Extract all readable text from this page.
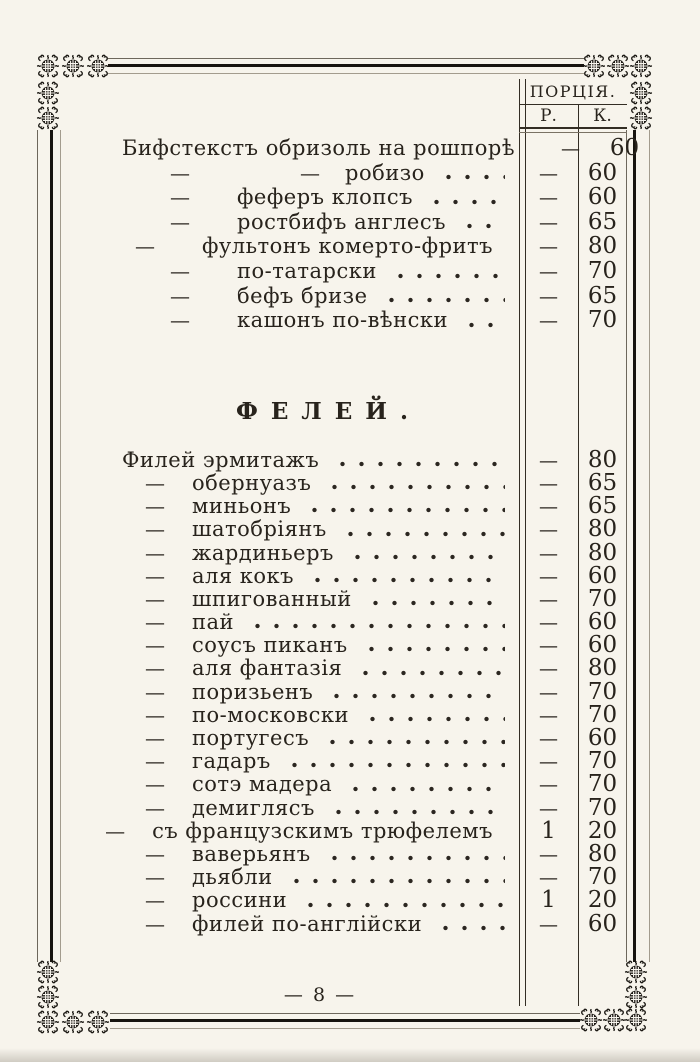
ПОРЦІЯ.
Р.	К.
Бифстекстъ обризоль на рошпорѣ	—	60
—	—	робизо	—	60
—	феферъ клопсъ	—	60
—	ростбифъ англесъ	—	65
—	фультонъ комерто-фритъ	—	80
—	по-татарски	—	70
—	бефъ бризе	—	65
—	кашонъ по-вѣнски	—	70
ФЕЛЕЙ.
Филей эрмитажъ	—	80
—	обернуазъ	—	65
—	миньонъ	—	65
—	шатобріянъ	—	80
—	жардиньеръ	—	80
—	аля кокъ	—	60
—	шпигованный	—	70
—	пай	—	60
—	соусъ пиканъ	—	60
—	аля фантазія	—	80
—	поризьенъ	—	70
—	по-московски	—	70
—	португесъ	—	60
—	гадаръ	—	70
—	сотэ мадера	—	70
—	демиглясъ	—	70
—	съ французскимъ трюфелемъ	1	20
—	ваверьянъ	—	80
—	дьябли	—	70
—	россини	1	20
—	филей по-англійски	—	60
— 8 —
